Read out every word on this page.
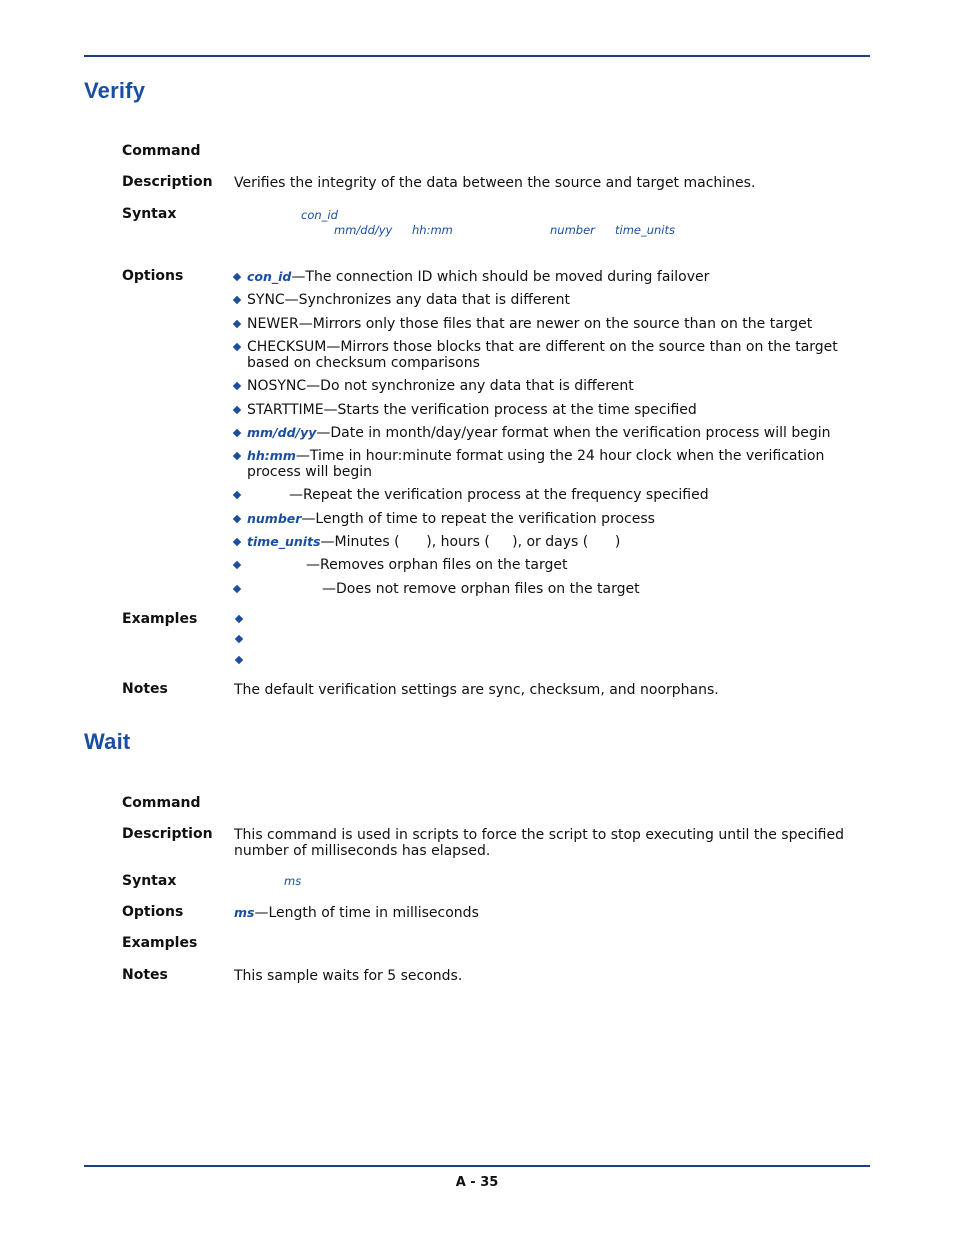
Verify
Command
Description Verifies the integrity of the data between the source and target machines.
Syntax	con_id
mm/dd/yy hh:mm	number time_units
Options	con_id—The connection ID which should be moved during failover
SYNC—Synchronizes any data that is different
NEWER—Mirrors only those files that are newer on the source than on the target
CHECKSUM—Mirrors those blocks that are different on the source than on the target based on checksum comparisons
NOSYNC—Do not synchronize any data that is different
STARTTIME—Starts the verification process at the time specified
mm/dd/yy—Date in month/day/year format when the verification process will begin
hh:mm—Time in hour:minute format using the 24 hour clock when the verification process will begin
—Repeat the verification process at the frequency specified
number—Length of time to repeat the verification process
time_units—Minutes (      ), hours (     ), or days (      )
—Removes orphan files on the target
—Does not remove orphan files on the target
Examples
Notes	The default verification settings are sync, checksum, and noorphans.
Wait
Command
Description This command is used in scripts to force the script to stop executing until the specified number of milliseconds has elapsed.
Syntax	ms
Options	ms—Length of time in milliseconds
Examples
Notes	This sample waits for 5 seconds.
A - 35
